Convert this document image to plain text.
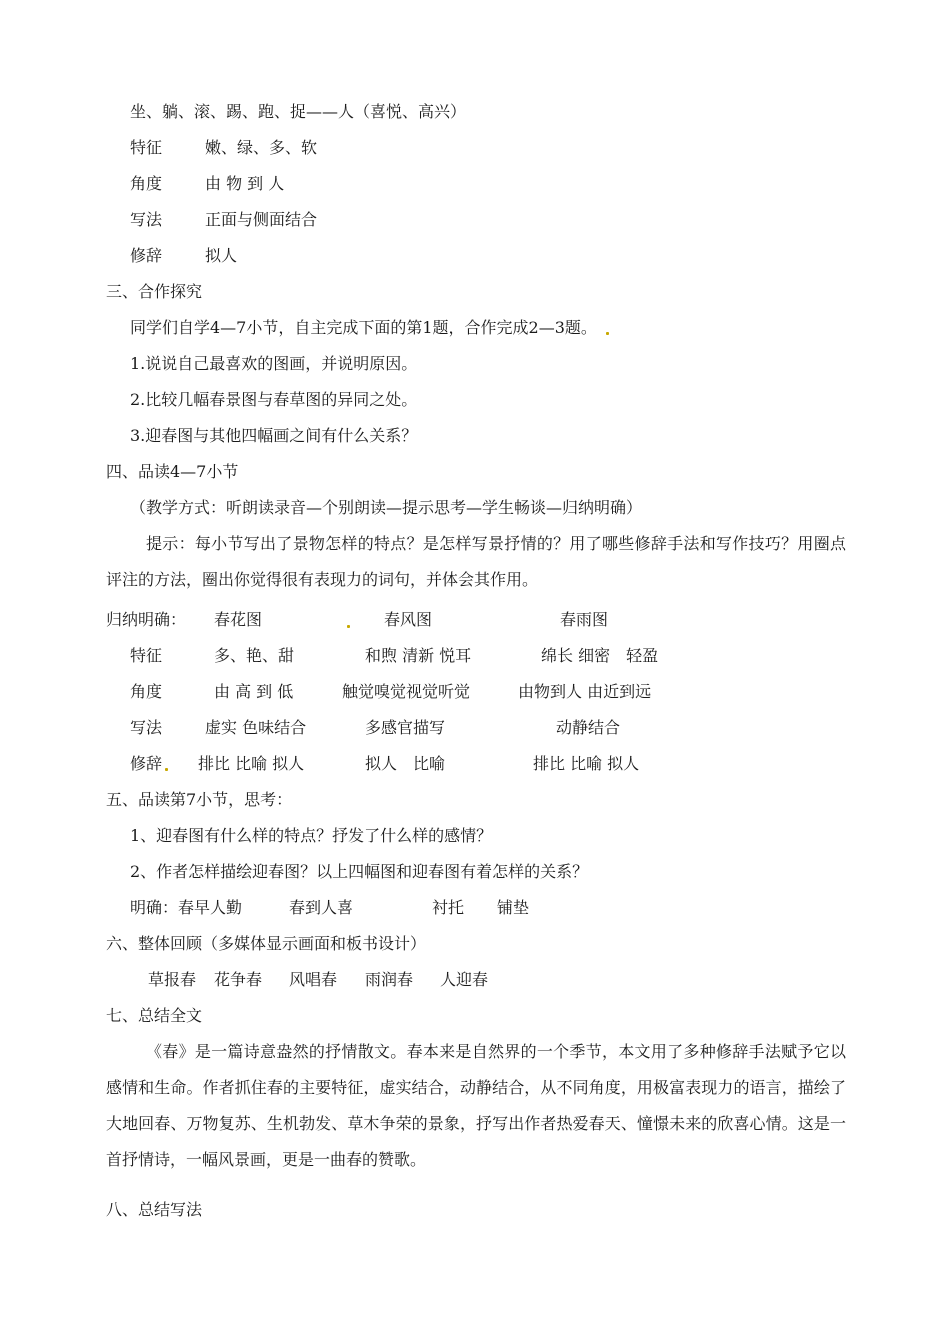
坐、躺、滚、踢、跑、捉——人（喜悦、高兴）
特征	嫩、绿、多、软
角度	由 物 到 人
写法	正面与侧面结合
修辞	拟人
三、合作探究
同学们自学4—7小节，自主完成下面的第1题，合作完成2—3题。
1.说说自己最喜欢的图画，并说明原因。
2.比较几幅春景图与春草图的异同之处。
3.迎春图与其他四幅画之间有什么关系？
四、品读4—7小节
（教学方式：听朗读录音—个别朗读—提示思考—学生畅谈—归纳明确）
提示：每小节写出了景物怎样的特点？是怎样写景抒情的？用了哪些修辞手法和写作技巧？用圈点评注的方法，圈出你觉得很有表现力的词句，并体会其作用。
归纳明确： 春花图	春风图	春雨图
特征	多、艳、甜	和煦 清新 悦耳	绵长 细密　轻盈
角度	由 高 到 低	触觉嗅觉视觉听觉	由物到人 由近到远
写法	虚实 色味结合	多感官描写	动静结合
修辞 排比 比喻 拟人	拟人　比喻	排比 比喻 拟人
五、品读第7小节，思考：
1、迎春图有什么样的特点？抒发了什么样的感情？
2、作者怎样描绘迎春图？以上四幅图和迎春图有着怎样的关系？
明确：春早人勤	春到人喜	衬托 铺垫
六、整体回顾（多媒体显示画面和板书设计）
草报春 花争春 风唱春 雨润春 人迎春
七、总结全文
《春》是一篇诗意盎然的抒情散文。春本来是自然界的一个季节，本文用了多种修辞手法赋予它以感情和生命。作者抓住春的主要特征，虚实结合，动静结合，从不同角度，用极富表现力的语言，描绘了大地回春、万物复苏、生机勃发、草木争荣的景象，抒写出作者热爱春天、憧憬未来的欣喜心情。这是一首抒情诗，一幅风景画，更是一曲春的赞歌。
八、总结写法
